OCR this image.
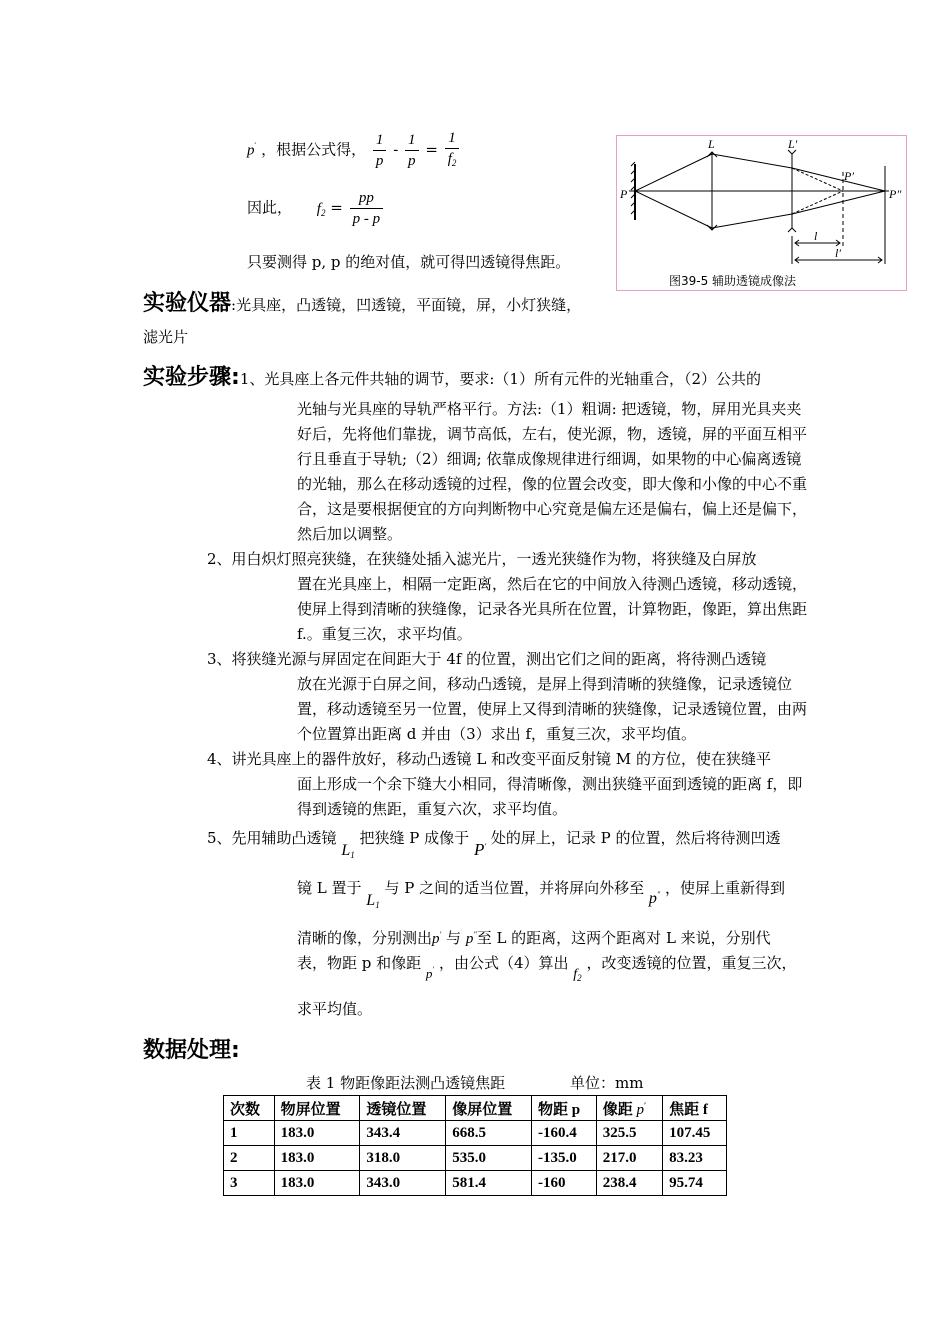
p′ ，根据公式得， $\frac{1}{p} - \frac{1}{p} = \frac{1}{f_2}$
因此， $f_2 = \frac{pp}{p - p}$
只要测得 p, p 的绝对值，就可得凹透镜得焦距。
P
L	L′
P′
P″
l
l′
图39-5 辅助透镜成像法
实验仪器:光具座，凸透镜，凹透镜，平面镜，屏，小灯狭缝，
滤光片
实验步骤:1、光具座上各元件共轴的调节，要求:（1）所有元件的光轴重合，（2）公共的
光轴与光具座的导轨严格平行。方法:（1）粗调: 把透镜，物，屏用光具夹夹好后，先将他们靠拢，调节高低，左右，使光源，物，透镜，屏的平面互相平行且垂直于导轨;（2）细调; 依靠成像规律进行细调，如果物的中心偏离透镜的光轴，那么在移动透镜的过程，像的位置会改变，即大像和小像的中心不重合，这是要根据便宜的方向判断物中心究竟是偏左还是偏右，偏上还是偏下，然后加以调整。
2、用白炽灯照亮狭缝，在狭缝处插入滤光片，一透光狭缝作为物，将狭缝及白屏放
置在光具座上，相隔一定距离，然后在它的中间放入待测凸透镜，移动透镜，使屏上得到清晰的狭缝像，记录各光具所在位置，计算物距，像距，算出焦距 f.。重复三次，求平均值。
3、将狭缝光源与屏固定在间距大于 4f 的位置，测出它们之间的距离，将待测凸透镜
放在光源于白屏之间，移动凸透镜，是屏上得到清晰的狭缝像，记录透镜位置，移动透镜至另一位置，使屏上又得到清晰的狭缝像，记录透镜位置，由两个位置算出距离 d 并由（3）求出 f，重复三次，求平均值。
4、讲光具座上的器件放好，移动凸透镜 L 和改变平面反射镜 M 的方位，使在狭缝平
面上形成一个余下缝大小相同，得清晰像，测出狭缝平面到透镜的距离 f，即得到透镜的焦距，重复六次，求平均值。
5、先用辅助凸透镜 $L_1$ 把狭缝 P 成像于 P′ 处的屏上，记录 P 的位置，然后将待测凹透
镜 L 置于 $L_1$ 与 P 之间的适当位置，并将屏向外移至 p″ ，使屏上重新得到
清晰的像，分别测出p′ 与 p″至 L 的距离，这两个距离对 L 来说，分别代
表，物距 p 和像距 p′ ，由公式（4）算出 $f_2$ ，改变透镜的位置，重复三次，
求平均值。
数据处理:
表 1 物距像距法测凸透镜焦距	单位：mm
次数	物屏位置	透镜位置	像屏位置	物距 p	像距 p′	焦距 f
1	183.0	343.4	668.5	-160.4	325.5	107.45
2	183.0	318.0	535.0	-135.0	217.0	83.23
3	183.0	343.0	581.4	-160	238.4	95.74
